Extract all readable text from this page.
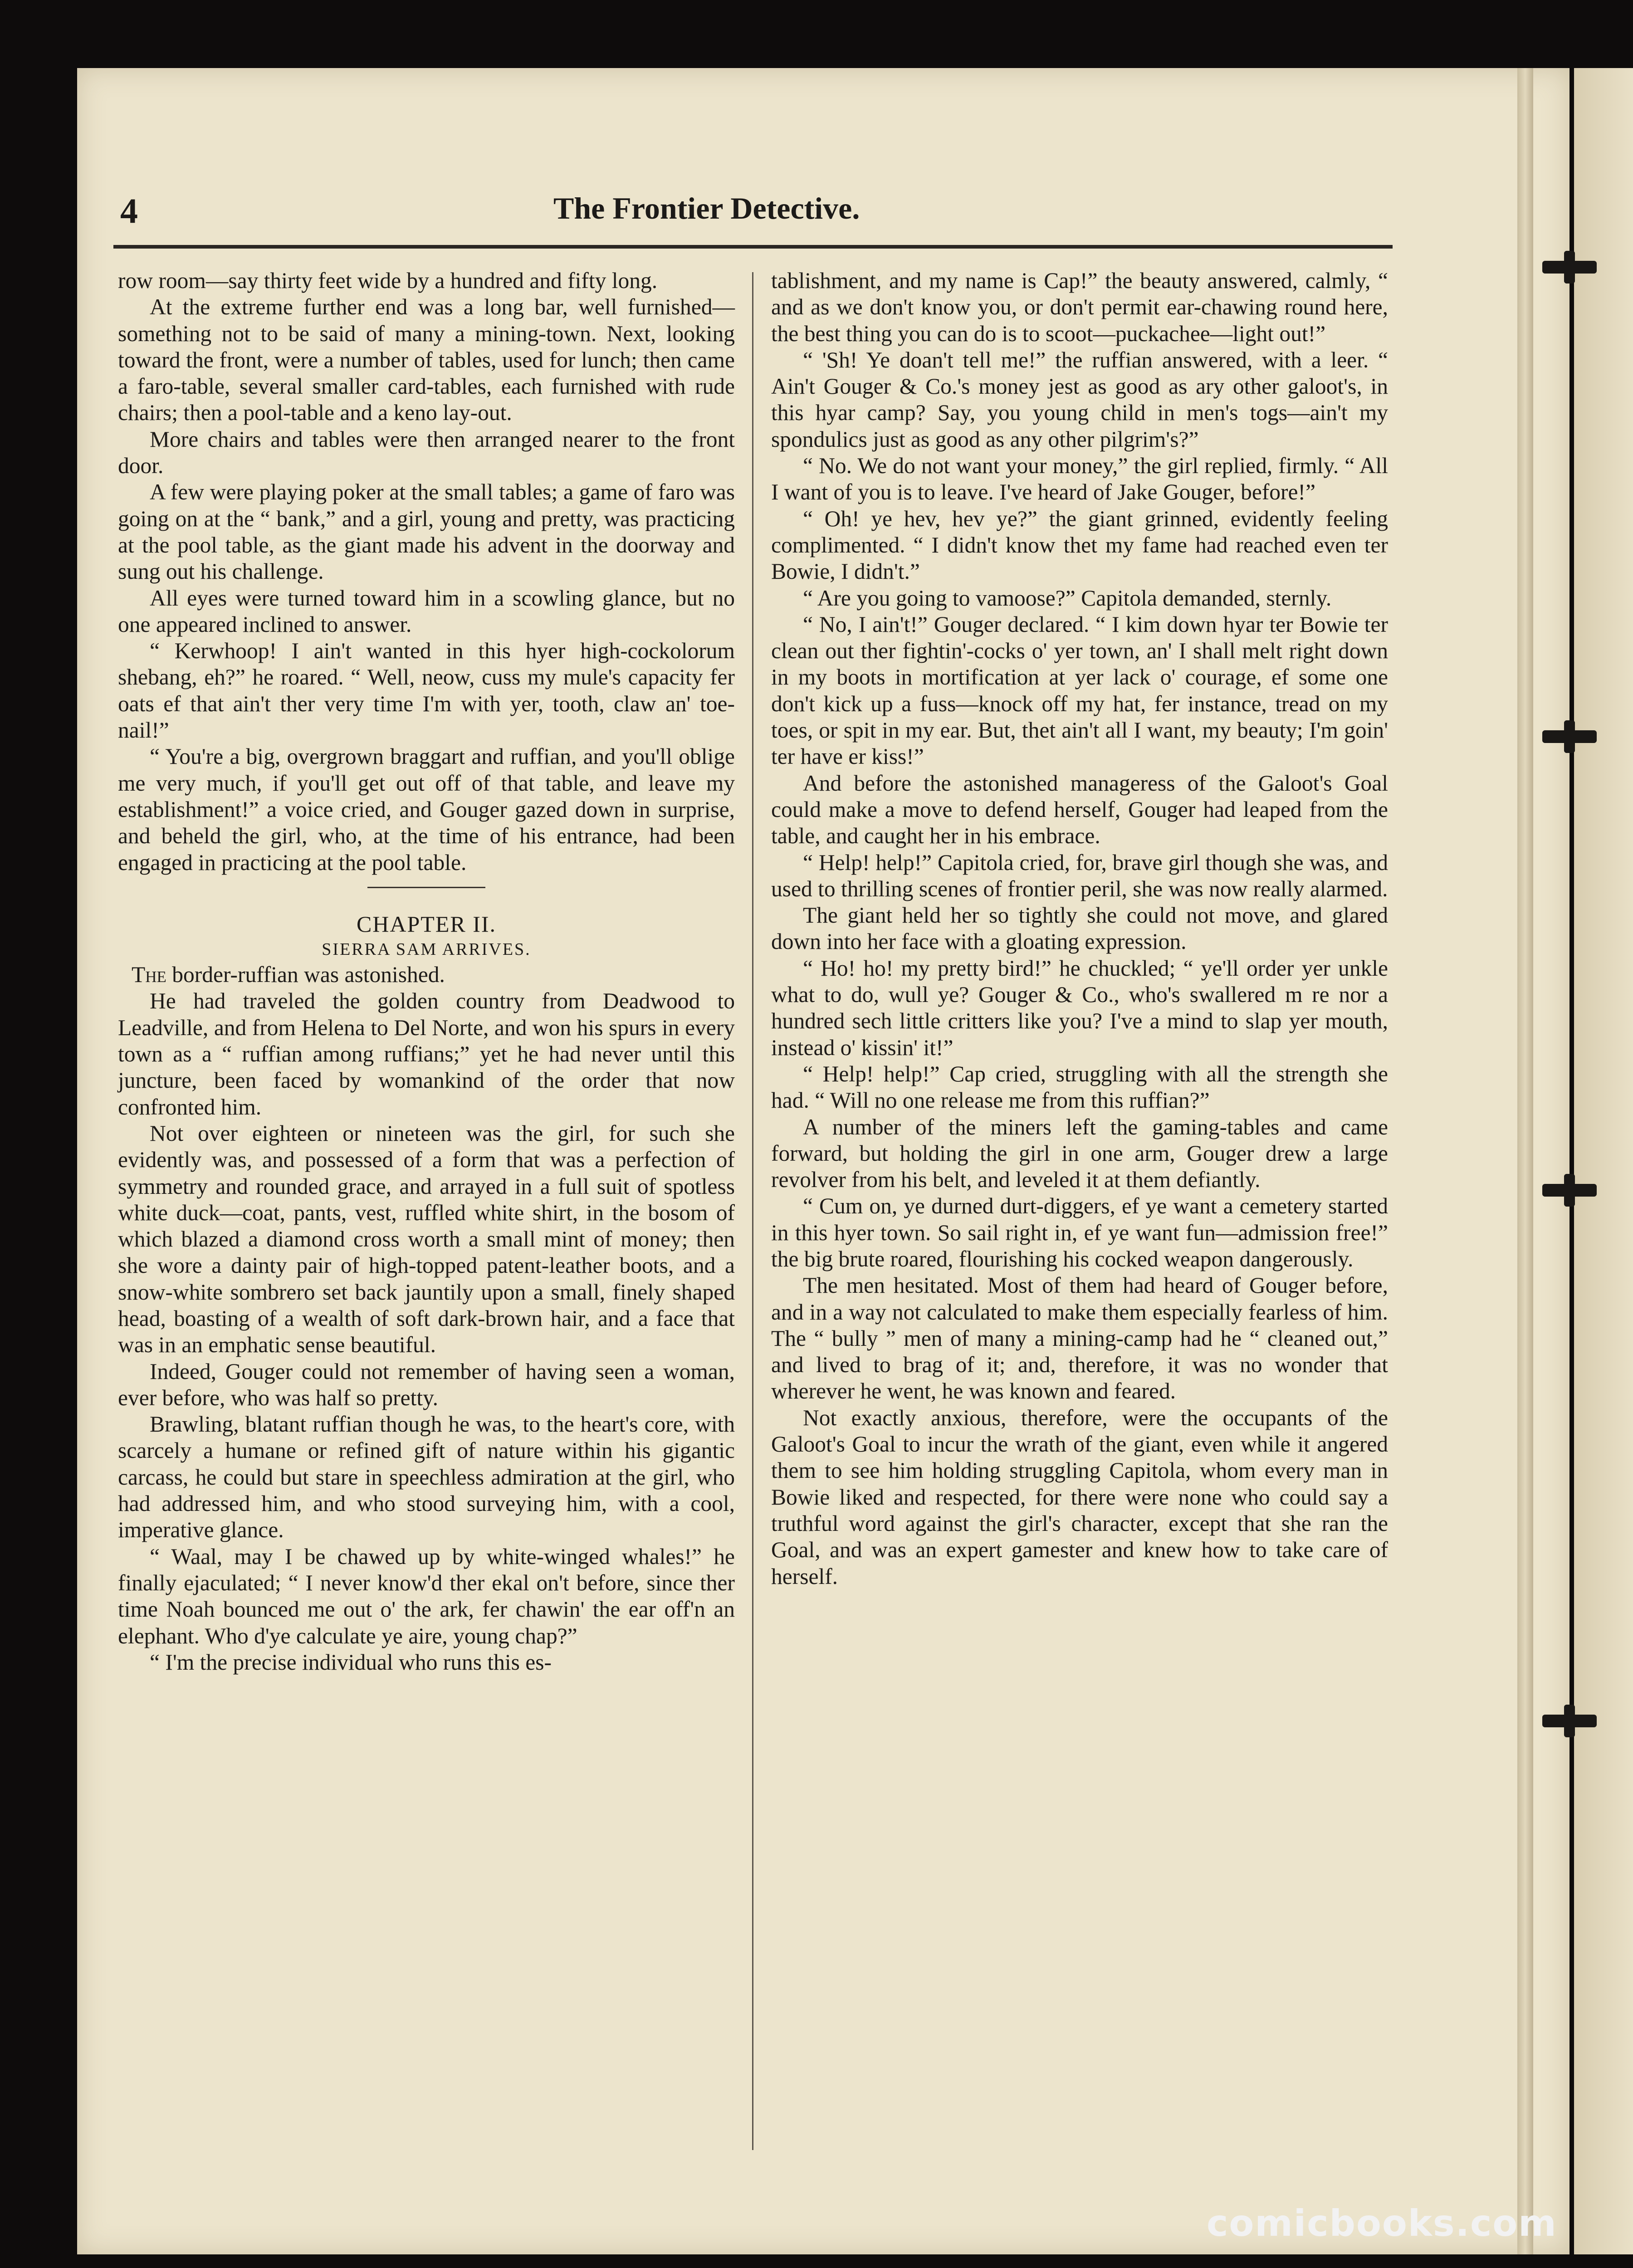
4	The Frontier Detective.

row room—say thirty feet wide by a hundred and fifty long.

At the extreme further end was a long bar, well furnished—something not to be said of many a mining-town. Next, looking toward the front, were a number of tables, used for lunch; then came a faro-table, several smaller card-tables, each furnished with rude chairs; then a pool-table and a keno lay-out.

More chairs and tables were then arranged nearer to the front door.

A few were playing poker at the small tables; a game of faro was going on at the “ bank,” and a girl, young and pretty, was practicing at the pool table, as the giant made his advent in the doorway and sung out his challenge.

All eyes were turned toward him in a scowling glance, but no one appeared inclined to answer.

“ Kerwhoop! I ain't wanted in this hyer high-cockolorum shebang, eh?” he roared. “ Well, neow, cuss my mule's capacity fer oats ef that ain't ther very time I'm with yer, tooth, claw an' toe-nail!”

“ You're a big, overgrown braggart and ruffian, and you'll oblige me very much, if you'll get out off of that table, and leave my establishment!” a voice cried, and Gouger gazed down in surprise, and beheld the girl, who, at the time of his entrance, had been engaged in practicing at the pool table.

CHAPTER II.
SIERRA SAM ARRIVES.

The border-ruffian was astonished.

He had traveled the golden country from Deadwood to Leadville, and from Helena to Del Norte, and won his spurs in every town as a “ ruffian among ruffians;” yet he had never until this juncture, been faced by womankind of the order that now confronted him.

Not over eighteen or nineteen was the girl, for such she evidently was, and possessed of a form that was a perfection of symmetry and rounded grace, and arrayed in a full suit of spotless white duck—coat, pants, vest, ruffled white shirt, in the bosom of which blazed a diamond cross worth a small mint of money; then she wore a dainty pair of high-topped patent-leather boots, and a snow-white sombrero set back jauntily upon a small, finely shaped head, boasting of a wealth of soft dark-brown hair, and a face that was in an emphatic sense beautiful.

Indeed, Gouger could not remember of having seen a woman, ever before, who was half so pretty.

Brawling, blatant ruffian though he was, to the heart's core, with scarcely a humane or refined gift of nature within his gigantic carcass, he could but stare in speechless admiration at the girl, who had addressed him, and who stood surveying him, with a cool, imperative glance.

“ Waal, may I be chawed up by white-winged whales!” he finally ejaculated; “ I never know'd ther ekal on't before, since ther time Noah bounced me out o' the ark, fer chawin' the ear off'n an elephant. Who d'ye calculate ye aire, young chap?”

“ I'm the precise individual who runs this es-

tablishment, and my name is Cap!” the beauty answered, calmly, “ and as we don't know you, or don't permit ear-chawing round here, the best thing you can do is to scoot—puckachee—light out!”

“ 'Sh! Ye doan't tell me!” the ruffian answered, with a leer. “ Ain't Gouger & Co.'s money jest as good as ary other galoot's, in this hyar camp? Say, you young child in men's togs—ain't my spondulics just as good as any other pilgrim's?”

“ No. We do not want your money,” the girl replied, firmly. “ All I want of you is to leave. I've heard of Jake Gouger, before!”

“ Oh! ye hev, hev ye?” the giant grinned, evidently feeling complimented. “ I didn't know thet my fame had reached even ter Bowie, I didn't.”

“ Are you going to vamoose?” Capitola demanded, sternly.

“ No, I ain't!” Gouger declared. “ I kim down hyar ter Bowie ter clean out ther fightin'-cocks o' yer town, an' I shall melt right down in my boots in mortification at yer lack o' courage, ef some one don't kick up a fuss—knock off my hat, fer instance, tread on my toes, or spit in my ear. But, thet ain't all I want, my beauty; I'm goin' ter have er kiss!”

And before the astonished manageress of the Galoot's Goal could make a move to defend herself, Gouger had leaped from the table, and caught her in his embrace.

“ Help! help!” Capitola cried, for, brave girl though she was, and used to thrilling scenes of frontier peril, she was now really alarmed.

The giant held her so tightly she could not move, and glared down into her face with a gloating expression.

“ Ho! ho! my pretty bird!” he chuckled; “ ye'll order yer unkle what to do, wull ye? Gouger & Co., who's swallered m re nor a hundred sech little critters like you? I've a mind to slap yer mouth, instead o' kissin' it!”

“ Help! help!” Cap cried, struggling with all the strength she had. “ Will no one release me from this ruffian?”

A number of the miners left the gaming-tables and came forward, but holding the girl in one arm, Gouger drew a large revolver from his belt, and leveled it at them defiantly.

“ Cum on, ye durned durt-diggers, ef ye want a cemetery started in this hyer town. So sail right in, ef ye want fun—admission free!” the big brute roared, flourishing his cocked weapon dangerously.

The men hesitated. Most of them had heard of Gouger before, and in a way not calculated to make them especially fearless of him. The “ bully ” men of many a mining-camp had he “ cleaned out,” and lived to brag of it; and, therefore, it was no wonder that wherever he went, he was known and feared.

Not exactly anxious, therefore, were the occupants of the Galoot's Goal to incur the wrath of the giant, even while it angered them to see him holding struggling Capitola, whom every man in Bowie liked and respected, for there were none who could say a truthful word against the girl's character, except that she ran the Goal, and was an expert gamester and knew how to take care of herself.

comicbooks.com
